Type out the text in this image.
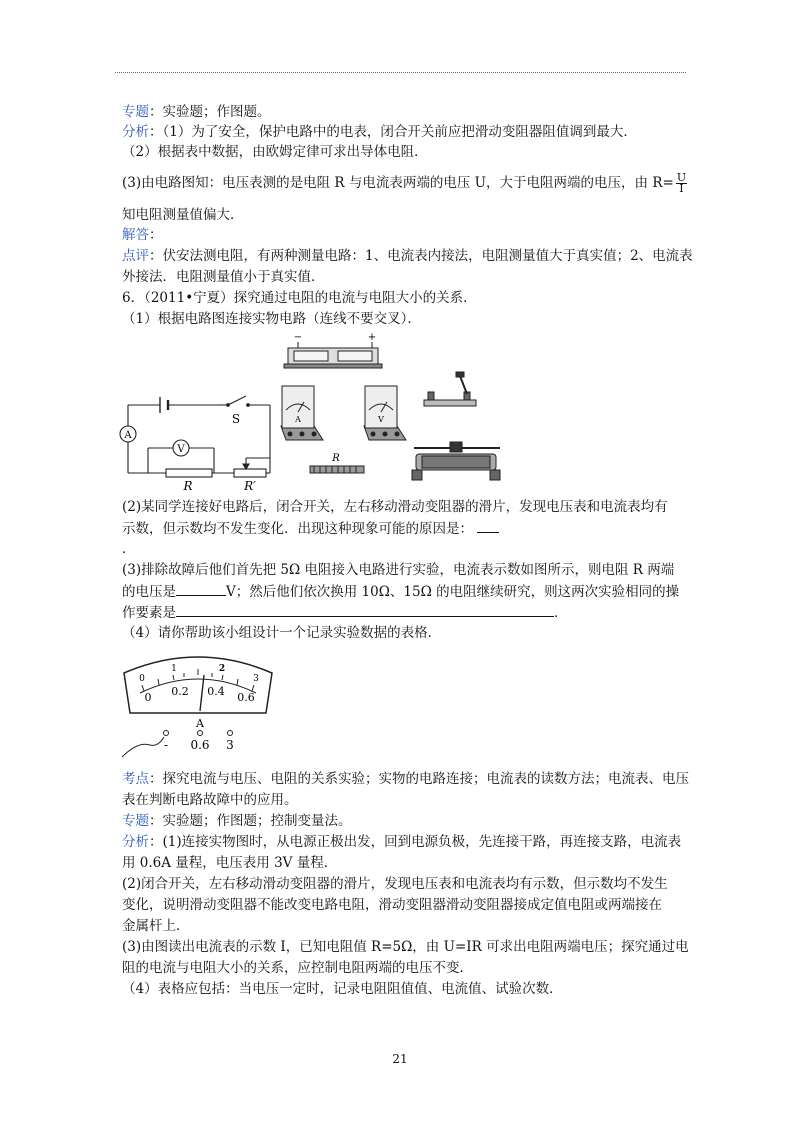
专题：实验题；作图题。
分析：（1）为了安全，保护电路中的电表，闭合开关前应把滑动变阻器阻值调到最大．
（2）根据表中数据，由欧姆定律可求出导体电阻．
(3)由电路图知：电压表测的是电阻 R 与电流表两端的电压 U，大于电阻两端的电压，由 $R= \frac{U}{I}$
知电阻测量值偏大．
解答：
点评：伏安法测电阻，有两种测量电路：1、电流表内接法，电阻测量值大于真实值；2、电流表
外接法．电阻测量值小于真实值．
6．（2011•宁夏）探究通过电阻的电流与电阻大小的关系．
（1）根据电路图连接实物电路（连线不要交叉）．
A
V
S
R	R′
−	+
A	V
R
(2)某同学连接好电路后，闭合开关，左右移动滑动变阻器的滑片，发现电压表和电流表均有
示数，但示数均不发生变化．出现这种现象可能的原因是：
．
(3)排除故障后他们首先把 5Ω 电阻接入电路进行实验，电流表示数如图所示，则电阻 R 两端
的电压是	V；然后他们依次换用 10Ω、15Ω 的电阻继续研究，则这两次实验相同的操
作要素是	．
（4）请你帮助该小组设计一个记录实验数据的表格．
0
1	2
3
0 0.2 0.4 0.6
A
- 0.6 3
考点：探究电流与电压、电阻的关系实验；实物的电路连接；电流表的读数方法；电流表、电压
表在判断电路故障中的应用。
专题：实验题；作图题；控制变量法。
分析：(1)连接实物图时，从电源正极出发，回到电源负极，先连接干路，再连接支路，电流表
用 0.6A 量程，电压表用 3V 量程．
(2)闭合开关，左右移动滑动变阻器的滑片，发现电压表和电流表均有示数，但示数均不发生
变化，说明滑动变阻器不能改变电路电阻，滑动变阻器滑动变阻器接成定值电阻或两端接在
金属杆上．
(3)由图读出电流表的示数 I，已知电阻值 R=5Ω，由 U=IR 可求出电阻两端电压；探究通过电
阻的电流与电阻大小的关系，应控制电阻两端的电压不变．
（4）表格应包括：当电压一定时，记录电阻阻值值、电流值、试验次数．
21
